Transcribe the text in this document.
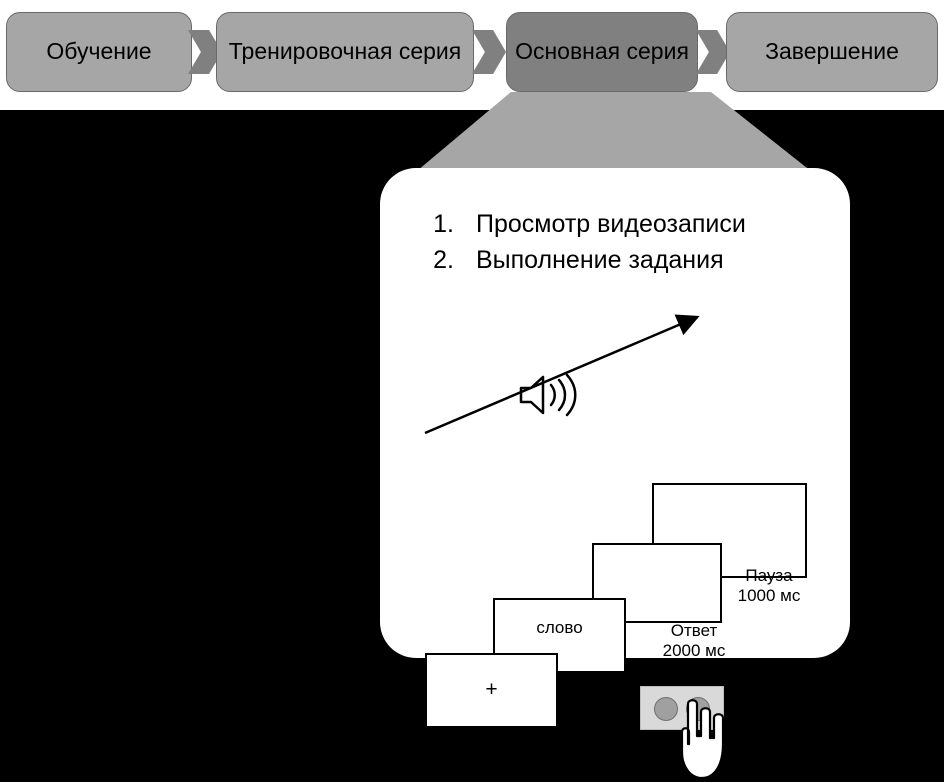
Обучение	Тренировочная серия Основная серия	Завершение
1. Просмотр видеозаписи
2. Выполнение задания
+
слово
500 мс
100 мс
Ответ
2000 мс
Пауза
1000 мс
